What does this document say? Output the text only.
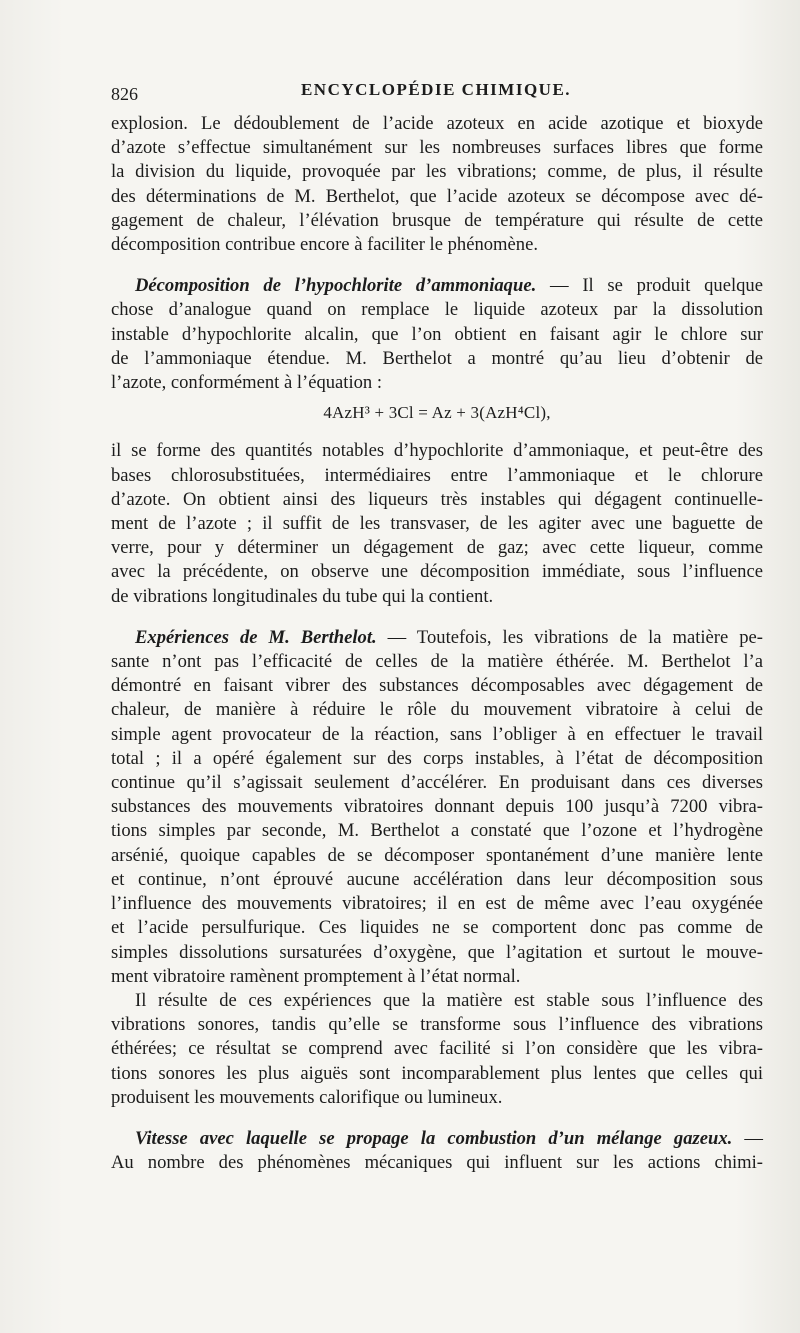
826	ENCYCLOPÉDIE CHIMIQUE.
explosion. Le dédoublement de l’acide azoteux en acide azotique et bioxyde
d’azote s’effectue simultanément sur les nombreuses surfaces libres que forme
la division du liquide, provoquée par les vibrations; comme, de plus, il résulte
des déterminations de M. Berthelot, que l’acide azoteux se décompose avec dé-
gagement de chaleur, l’élévation brusque de température qui résulte de cette
décomposition contribue encore à faciliter le phénomène.
Décomposition de l’hypochlorite d’ammoniaque. — Il se produit quelque
chose d’analogue quand on remplace le liquide azoteux par la dissolution
instable d’hypochlorite alcalin, que l’on obtient en faisant agir le chlore sur
de l’ammoniaque étendue. M. Berthelot a montré qu’au lieu d’obtenir de
l’azote, conformément à l’équation :
4AzH³ + 3Cl = Az + 3(AzH⁴Cl),
il se forme des quantités notables d’hypochlorite d’ammoniaque, et peut-être des
bases chlorosubstituées, intermédiaires entre l’ammoniaque et le chlorure
d’azote. On obtient ainsi des liqueurs très instables qui dégagent continuelle-
ment de l’azote ; il suffit de les transvaser, de les agiter avec une baguette de
verre, pour y déterminer un dégagement de gaz; avec cette liqueur, comme
avec la précédente, on observe une décomposition immédiate, sous l’influence
de vibrations longitudinales du tube qui la contient.
Expériences de M. Berthelot. — Toutefois, les vibrations de la matière pe-
sante n’ont pas l’efficacité de celles de la matière éthérée. M. Berthelot l’a
démontré en faisant vibrer des substances décomposables avec dégagement de
chaleur, de manière à réduire le rôle du mouvement vibratoire à celui de
simple agent provocateur de la réaction, sans l’obliger à en effectuer le travail
total ; il a opéré également sur des corps instables, à l’état de décomposition
continue qu’il s’agissait seulement d’accélérer. En produisant dans ces diverses
substances des mouvements vibratoires donnant depuis 100 jusqu’à 7200 vibra-
tions simples par seconde, M. Berthelot a constaté que l’ozone et l’hydrogène
arsénié, quoique capables de se décomposer spontanément d’une manière lente
et continue, n’ont éprouvé aucune accélération dans leur décomposition sous
l’influence des mouvements vibratoires; il en est de même avec l’eau oxygénée
et l’acide persulfurique. Ces liquides ne se comportent donc pas comme de
simples dissolutions sursaturées d’oxygène, que l’agitation et surtout le mouve-
ment vibratoire ramènent promptement à l’état normal.
Il résulte de ces expériences que la matière est stable sous l’influence des
vibrations sonores, tandis qu’elle se transforme sous l’influence des vibrations
éthérées; ce résultat se comprend avec facilité si l’on considère que les vibra-
tions sonores les plus aiguës sont incomparablement plus lentes que celles qui
produisent les mouvements calorifique ou lumineux.
Vitesse avec laquelle se propage la combustion d’un mélange gazeux. —
Au nombre des phénomènes mécaniques qui influent sur les actions chimi-
